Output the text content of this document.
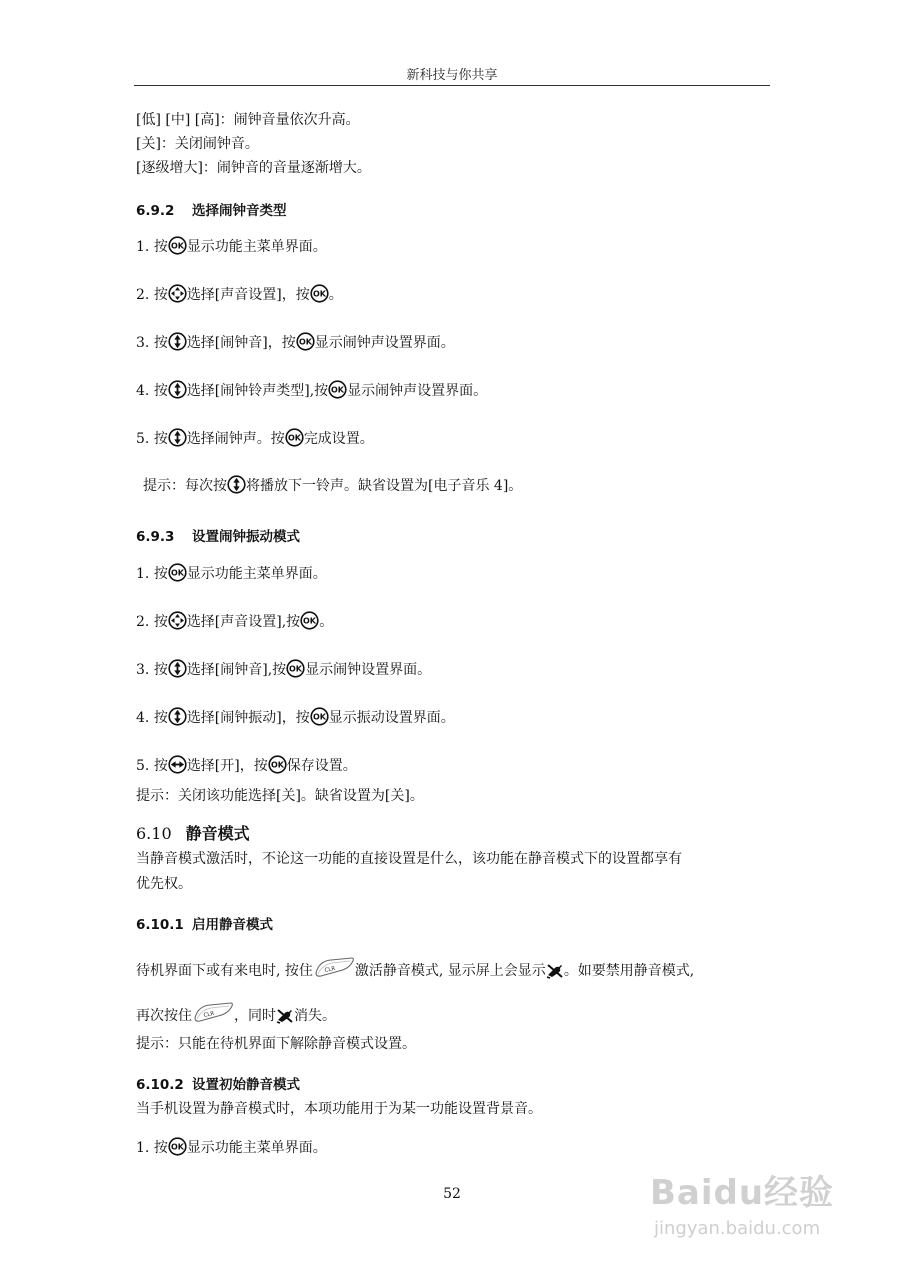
新科技与你共享
[低] [中] [高]：闹钟音量依次升高。
[关]：关闭闹钟音。
[逐级增大]：闹钟音的音量逐渐增大。
6.9.2 选择闹钟音类型
1. 按 OK 显示功能主菜单界面。
2. 按 选择[声音设置]，按 OK 。
3. 按 选择[闹钟音]，按 OK 显示闹钟声设置界面。
4. 按 选择[闹钟铃声类型],按 OK 显示闹钟声设置界面。
5. 按 选择闹钟声。按 OK 完成设置。
提示：每次按 将播放下一铃声。缺省设置为[电子音乐 4]。
6.9.3 设置闹钟振动模式
1. 按 OK 显示功能主菜单界面。
2. 按 选择[声音设置],按 OK 。
3. 按 选择[闹钟音],按 OK 显示闹钟设置界面。
4. 按 选择[闹钟振动]，按 OK 显示振动设置界面。
5. 按 选择[开]，按 OK 保存设置。
提示：关闭该功能选择[关]。缺省设置为[关]。
6.10 静音模式
当静音模式激活时，不论这一功能的直接设置是什么，该功能在静音模式下的设置都享有
优先权。
6.10.1 启用静音模式
待机界面下或有来电时, 按住 CLR 激活静音模式, 显示屏上会显示 。如要禁用静音模式,
再次按住 CLR ，同时 消失。
提示：只能在待机界面下解除静音模式设置。
6.10.2 设置初始静音模式
当手机设置为静音模式时，本项功能用于为某一功能设置背景音。
1. 按 OK 显示功能主菜单界面。
52	Baidu经验
jingyan.baidu.com
